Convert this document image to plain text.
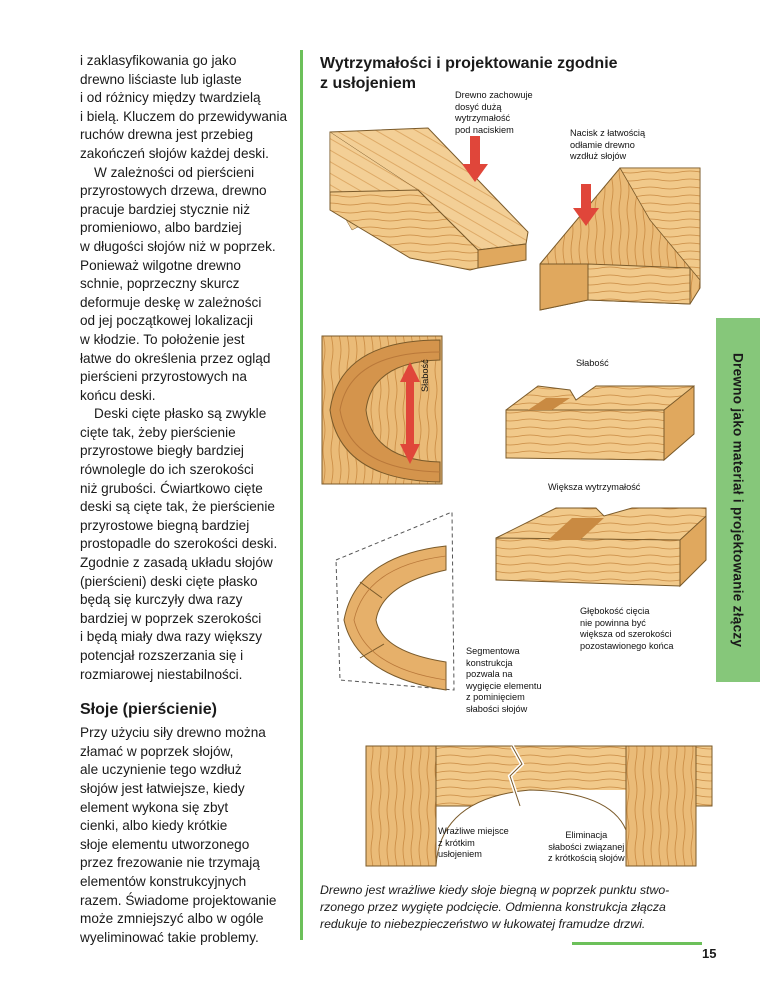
i zaklasyfikowania go jako
drewno liściaste lub iglaste
i od różnicy między twardzielą
i bielą. Kluczem do przewidywania
ruchów drewna jest przebieg
zakończeń słojów każdej deski.

W zależności od pierścieni
przyrostowych drzewa, drewno
pracuje bardziej stycznie niż
promieniowo, albo bardziej
w długości słojów niż w poprzek.
Ponieważ wilgotne drewno
schnie, poprzeczny skurcz
deformuje deskę w zależności
od jej początkowej lokalizacji
w kłodzie. To położenie jest
łatwe do określenia przez ogląd
pierścieni przyrostowych na
końcu deski.

Deski cięte płasko są zwykle
cięte tak, żeby pierścienie
przyrostowe biegły bardziej
równolegle do ich szerokości
niż grubości. Ćwiartkowo cięte
deski są cięte tak, że pierścienie
przyrostowe biegną bardziej
prostopadle do szerokości deski.
Zgodnie z zasadą układu słojów
(pierścieni) deski cięte płasko
będą się kurczyły dwa razy
bardziej w poprzek szerokości
i będą miały dwa razy większy
potencjał rozszerzania się i
rozmiarowej niestabilności.

Słoje (pierścienie)

Przy użyciu siły drewno można
złamać w poprzek słojów,
ale uczynienie tego wzdłuż
słojów jest łatwiejsze, kiedy
element wykona się zbyt
cienki, albo kiedy krótkie
słoje elementu utworzonego
przez frezowanie nie trzymają
elementów konstrukcyjnych
razem. Świadome projektowanie
może zmniejszyć albo w ogóle
wyeliminować takie problemy.

Wytrzymałości i projektowanie zgodnie
z usłojeniem
Drewno zachowuje
dosyć dużą
wytrzymałość
pod naciskiem	Nacisk z łatwością
odłamie drewno
wzdłuż słojów
Słabość	Słabość
Większa wytrzymałość
Głębokość cięcia
nie powinna być
większa od szerokości
pozostawionego końca
Segmentowa
konstrukcja
pozwala na
wygięcie elementu
z pominięciem
słabości słojów
Wrażliwe miejsce
z krótkim
usłojeniem
Eliminacja
słabości związanej
z krótkością słojów
Drewno jako materiał i projektowanie złączy
Drewno jest wrażliwe kiedy słoje biegną w poprzek punktu stwo-
rzonego przez wygięte podcięcie. Odmienna konstrukcja złącza
redukuje to niebezpieczeństwo w łukowatej framudze drzwi.
15
